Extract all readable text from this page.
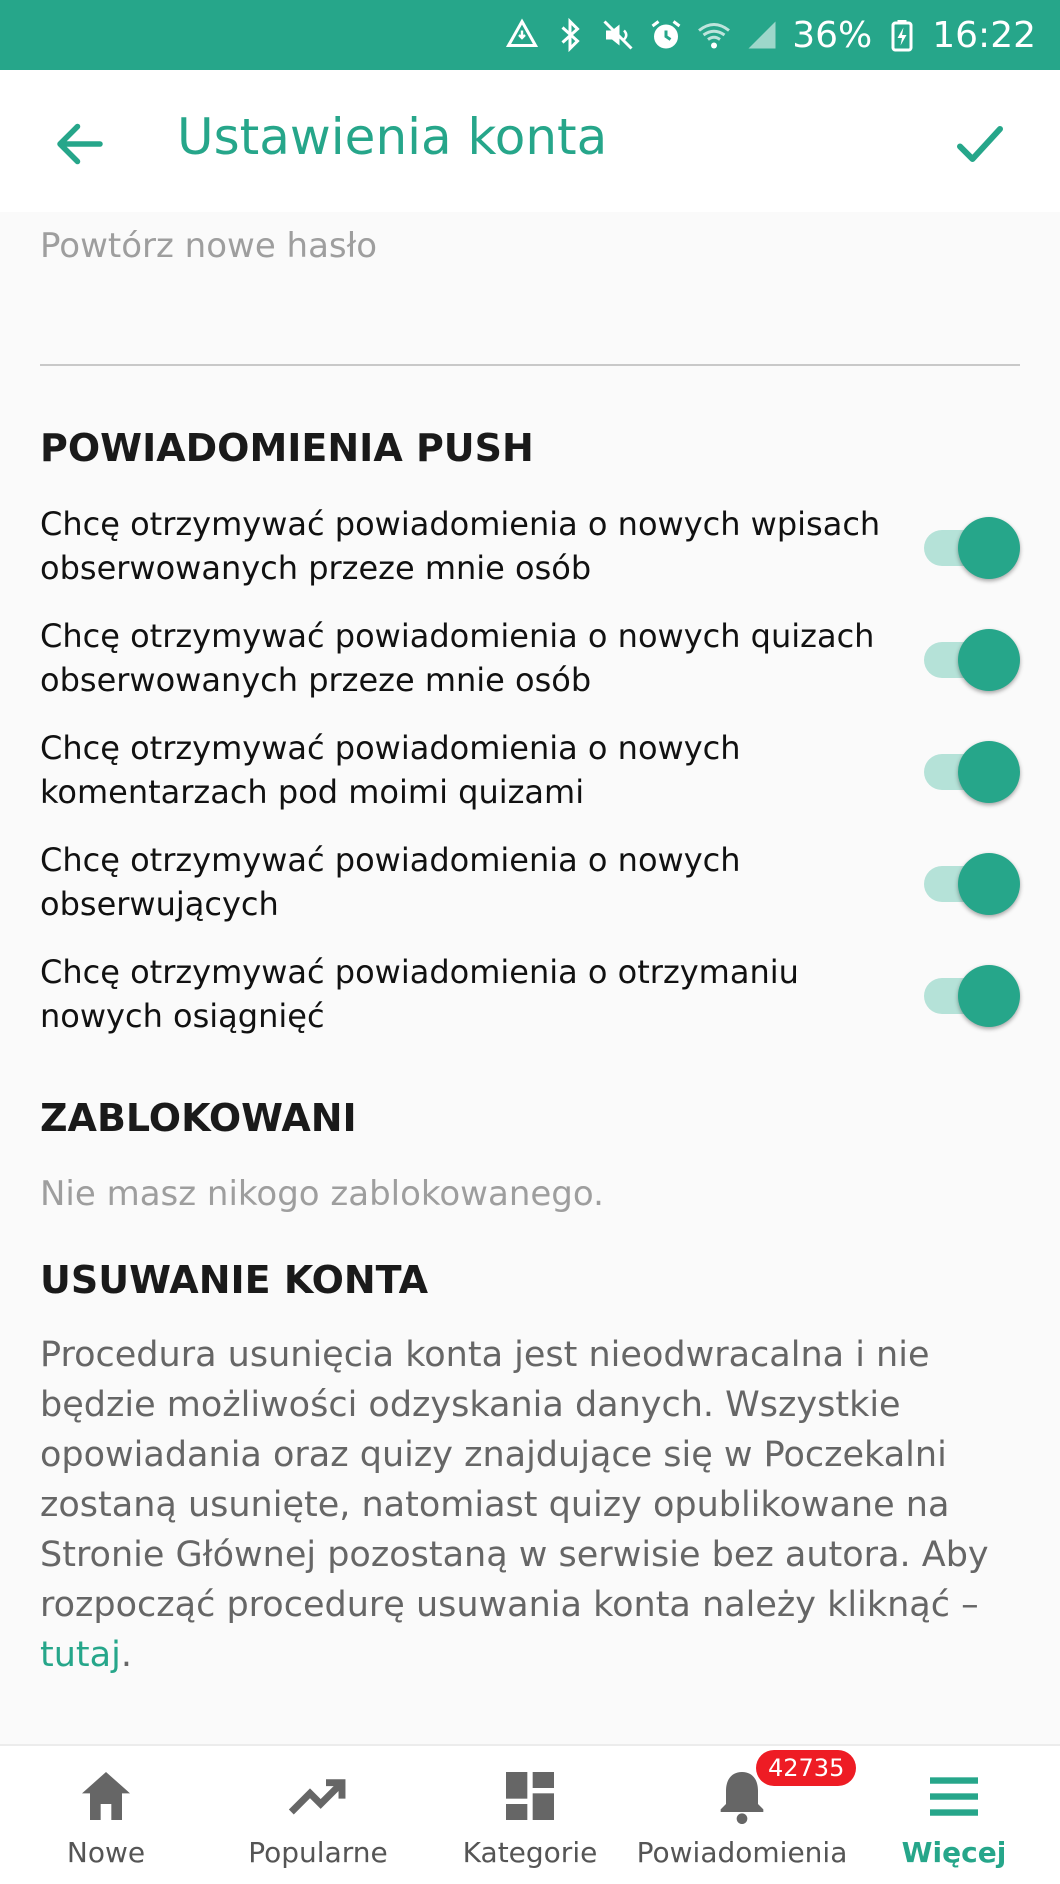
36% 16:22
Ustawienia konta
Powtórz nowe hasło
POWIADOMIENIA PUSH
Chcę otrzymywać powiadomienia o nowych wpisach obserwowanych przeze mnie osób
Chcę otrzymywać powiadomienia o nowych quizach obserwowanych przeze mnie osób
Chcę otrzymywać powiadomienia o nowych komentarzach pod moimi quizami
Chcę otrzymywać powiadomienia o nowych obserwujących
Chcę otrzymywać powiadomienia o otrzymaniu nowych osiągnięć
ZABLOKOWANI
Nie masz nikogo zablokowanego.
USUWANIE KONTA
Procedura usunięcia konta jest nieodwracalna i nie będzie możliwości odzyskania danych. Wszystkie opowiadania oraz quizy znajdujące się w Poczekalni zostaną usunięte, natomiast quizy opublikowane na Stronie Głównej pozostaną w serwisie bez autora. Aby rozpocząć procedurę usuwania konta należy kliknąć – tutaj.
Nowe	Popularne	Kategorie
42735
Powiadomienia	Więcej
